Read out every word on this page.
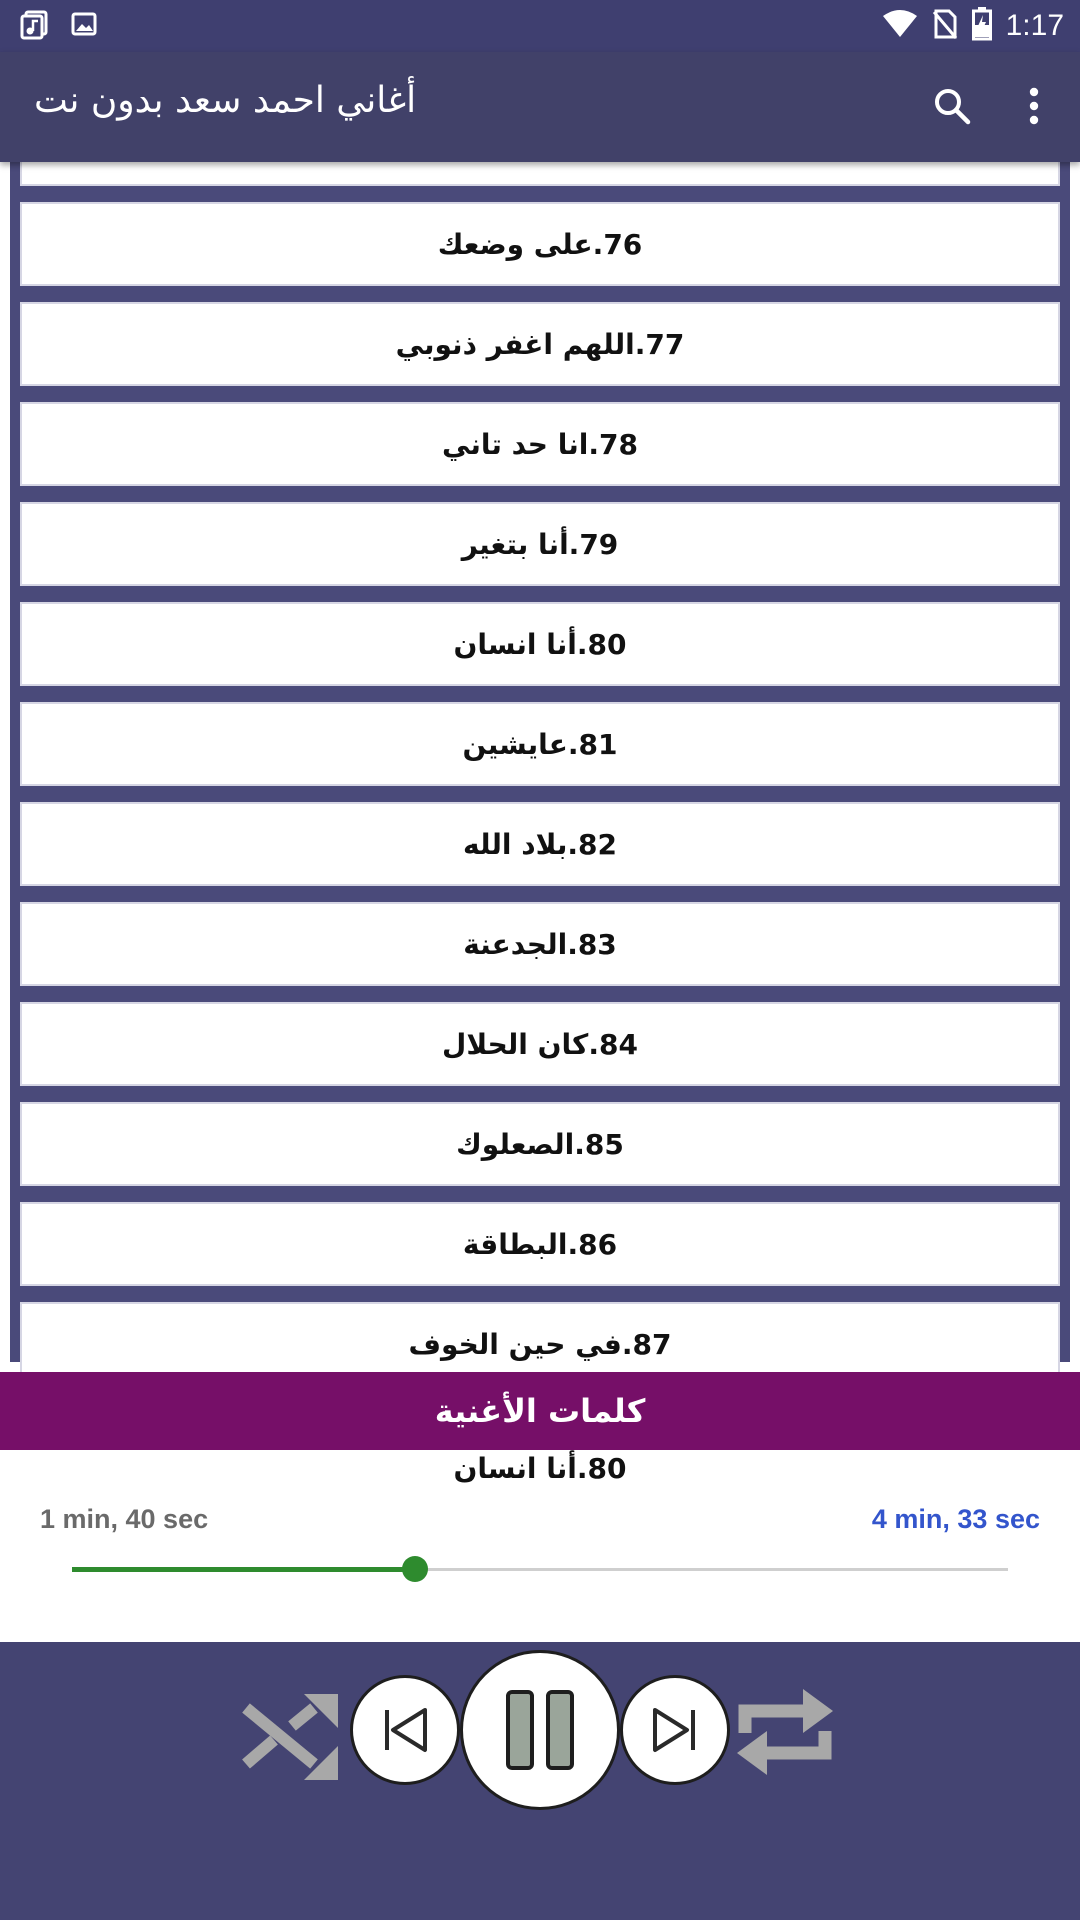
1:17
أغاني احمد سعد بدون نت
76.على وضعك
77.اللهم اغفر ذنوبي
78.انا حد تاني
79.أنا بتغير
80.أنا انسان
81.عايشين
82.بلاد الله
83.الجدعنة
84.كان الحلال
85.الصعلوك
86.البطاقة
87.في حين الخوف
كلمات الأغنية
80.أنا انسان
1 min, 40 sec	4 min, 33 sec
